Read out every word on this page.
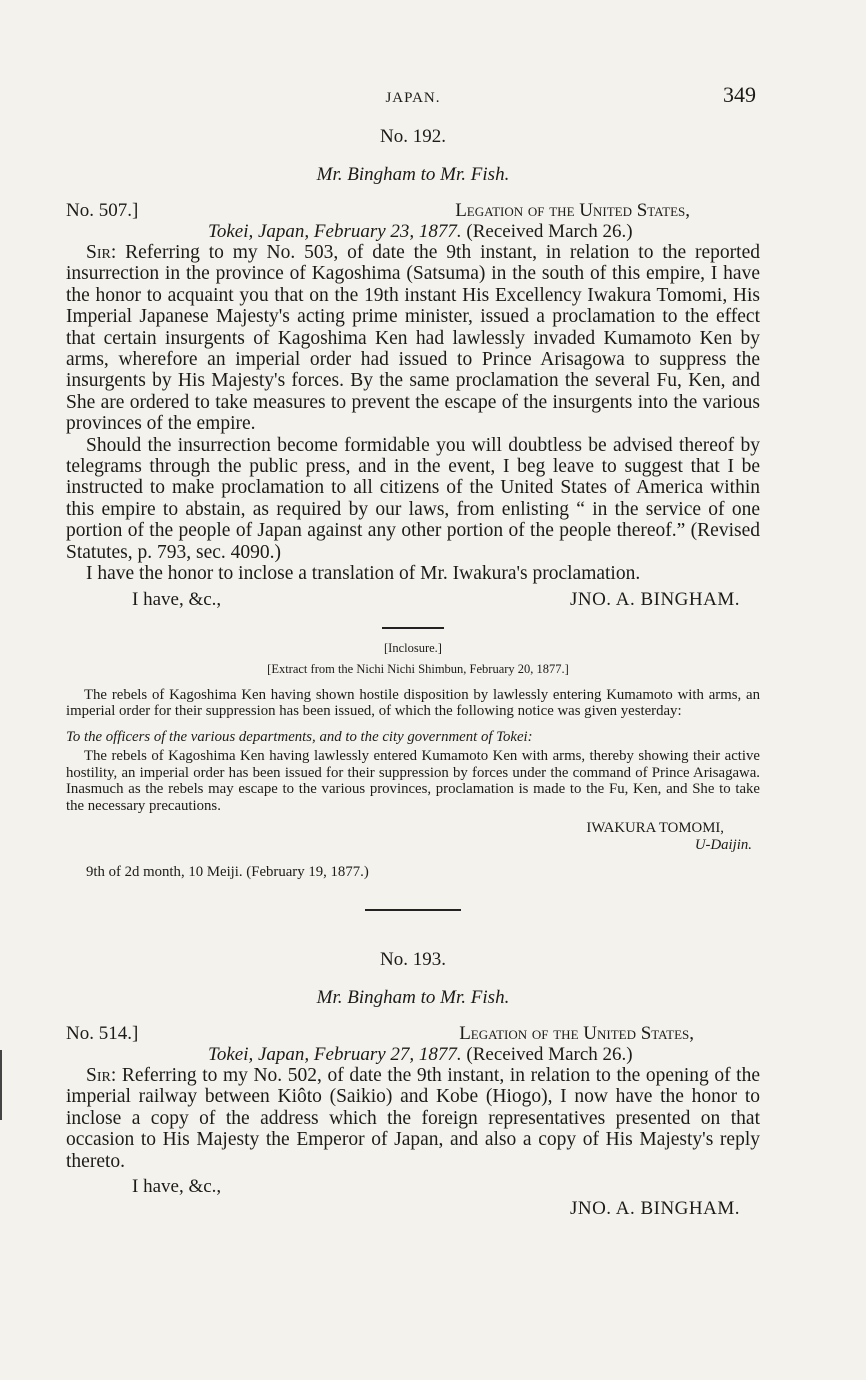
JAPAN.	349
No. 192.
Mr. Bingham to Mr. Fish.
No. 507.]	Legation of the United States,
Tokei, Japan, February 23, 1877. (Received March 26.)

Sir: Referring to my No. 503, of date the 9th instant, in relation to the reported insurrection in the province of Kagoshima (Satsuma) in the south of this empire, I have the honor to acquaint you that on the 19th instant His Excellency Iwakura Tomomi, His Imperial Japanese Majesty's acting prime minister, issued a proclamation to the effect that certain insurgents of Kagoshima Ken had lawlessly invaded Kumamoto Ken by arms, wherefore an imperial order had issued to Prince Arisagowa to suppress the insurgents by His Majesty's forces. By the same proclamation the several Fu, Ken, and She are ordered to take measures to prevent the escape of the insurgents into the various provinces of the empire.

Should the insurrection become formidable you will doubtless be advised thereof by telegrams through the public press, and in the event, I beg leave to suggest that I be instructed to make proclamation to all citizens of the United States of America within this empire to abstain, as required by our laws, from enlisting “ in the service of one portion of the people of Japan against any other portion of the people thereof.” (Revised Statutes, p. 793, sec. 4090.)

I have the honor to inclose a translation of Mr. Iwakura's proclamation.

I have, &c.,	JNO. A. BINGHAM.
[Inclosure.]
[Extract from the Nichi Nichi Shimbun, February 20, 1877.]

The rebels of Kagoshima Ken having shown hostile disposition by lawlessly entering Kumamoto with arms, an imperial order for their suppression has been issued, of which the following notice was given yesterday:

To the officers of the various departments, and to the city government of Tokei:

The rebels of Kagoshima Ken having lawlessly entered Kumamoto Ken with arms, thereby showing their active hostility, an imperial order has been issued for their suppression by forces under the command of Prince Arisagawa. Inasmuch as the rebels may escape to the various provinces, proclamation is made to the Fu, Ken, and She to take the necessary precautions.

IWAKURA TOMOMI,
U-Daijin.
9th of 2d month, 10 Meiji. (February 19, 1877.)
No. 193.
Mr. Bingham to Mr. Fish.
No. 514.]	Legation of the United States,
Tokei, Japan, February 27, 1877. (Received March 26.)

Sir: Referring to my No. 502, of date the 9th instant, in relation to the opening of the imperial railway between Kiôto (Saikio) and Kobe (Hiogo), I now have the honor to inclose a copy of the address which the foreign representatives presented on that occasion to His Majesty the Emperor of Japan, and also a copy of His Majesty's reply thereto.

I have, &c.,
JNO. A. BINGHAM.
